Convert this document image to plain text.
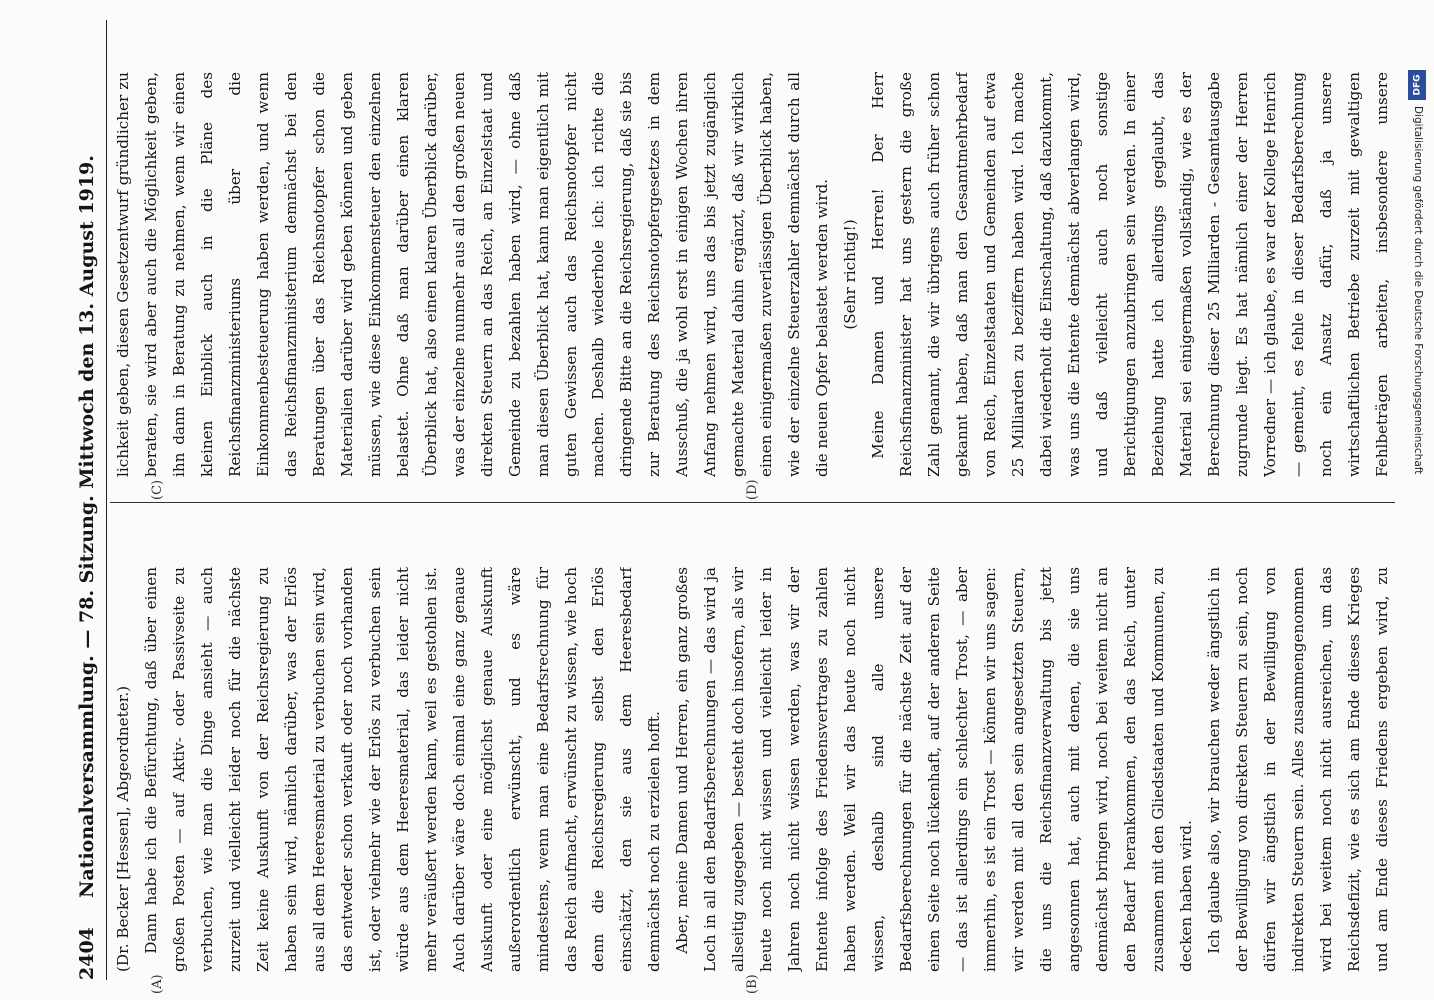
2404
Nationalversammlung. — 78. Sitzung. Mittwoch den 13. August 1919.
(A)	(B)
(C)	(D)

(Dr. Becker [Hessen], Abgeordneter.) Dann habe ich die Befürchtung, daß über einen großen Posten — auf Aktiv- oder Passivseite zu verbuchen, wie man die Dinge ansieht — auch zurzeit und vielleicht leider noch für die nächste Zeit keine Auskunft von der Reichsregierung zu haben sein wird, nämlich darüber, was der Erlös aus all dem Heeresmaterial zu verbuchen sein wird, das entweder schon verkauft oder noch vorhanden ist, oder vielmehr wie der Erlös zu verbuchen sein würde aus dem Heeresmaterial, das leider nicht mehr veräußert werden kann, weil es gestohlen ist. Auch darüber wäre doch einmal eine ganz genaue Auskunft oder eine möglichst genaue Auskunft außerordentlich erwünscht, und es wäre mindestens, wenn man eine Bedarfsrechnung für das Reich aufmacht, erwünscht zu wissen, wie hoch denn die Reichsregierung selbst den Erlös einschätzt, den sie aus dem Heeresbedarf demnächst noch zu erzielen hofft. Aber, meine Damen und Herren, ein ganz großes Loch in all den Bedarfsberechnungen — das wird ja allseitig zugegeben — besteht doch insofern, als wir heute noch nicht wissen und vielleicht leider in Jahren noch nicht wissen werden, was wir der Entente infolge des Friedensvertrages zu zahlen haben werden. Weil wir das heute noch nicht wissen, deshalb sind alle unsere Bedarfsberechnungen für die nächste Zeit auf der einen Seite noch lückenhaft, auf der anderen Seite — das ist allerdings ein schlechter Trost, — aber immerhin, es ist ein Trost — können wir uns sagen: wir werden mit all den sein angesetzten Steuern, die uns die Reichsfinanzverwaltung bis jetzt angesonnen hat, auch mit denen, die sie uns demnächst bringen wird, noch bei weitem nicht an den Bedarf herankommen, den das Reich, unter zusammen mit den Gliedstaaten und Kommunen, zu decken haben wird. Ich glaube also, wir brauchen weder ängstlich in der Bewilligung von direkten Steuern zu sein, noch dürfen wir ängstlich in der Bewilligung von indirekten Steuern sein. Alles zusammengenommen wird bei weitem noch nicht ausreichen, um das Reichsdefizit, wie es sich am Ende dieses Krieges und am Ende dieses Friedens ergeben wird, zu

lichkeit geben, diesen Gesetzentwurf gründlicher zu beraten, sie wird aber auch die Möglichkeit geben, ihn dann in Beratung zu nehmen, wenn wir einen kleinen Einblick auch in die Pläne des Reichsfinanzministeriums über die Einkommenbesteuerung haben werden, und wenn das Reichsfinanzministerium demnächst bei den Beratungen über das Reichsnotopfer schon die Materialien darüber wird geben können und geben müssen, wie diese Einkommensteuer den einzelnen belastet. Ohne daß man darüber einen klaren Überblick hat, also einen klaren Überblick darüber, was der einzelne nunmehr aus all den großen neuen direkten Steuern an das Reich, an Einzelstaat und Gemeinde zu bezahlen haben wird, — ohne daß man diesen Überblick hat, kann man eigentlich mit guten Gewissen auch das Reichsnotopfer nicht machen. Deshalb wiederhole ich: ich richte die dringende Bitte an die Reichsregierung, daß sie bis zur Beratung des Reichsnotopfergesetzes in dem Ausschuß, die ja wohl erst in einigen Wochen ihren Anfang nehmen wird, uns das bis jetzt zugänglich gemachte Material dahin ergänzt, daß wir wirklich einen einigermaßen zuverlässigen Überblick haben, wie der einzelne Steuerzahler demnächst durch all die neuen Opfer belastet werden wird. (Sehr richtig!)

Meine Damen und Herren! Der Herr Reichsfinanzminister hat uns gestern die große Zahl genannt, die wir übrigens auch früher schon gekannt haben, daß man den Gesamtmehrbedarf von Reich, Einzelstaaten und Gemeinden auf etwa 25 Milliarden zu beziffern haben wird. Ich mache dabei wiederholt die Einschaltung, daß dazukommt, was uns die Entente demnächst abverlangen wird, und daß vielleicht auch noch sonstige Berichtigungen anzubringen sein werden. In einer Beziehung hatte ich allerdings geglaubt, das Material sei einigermaßen vollständig, wie es der Berechnung dieser 25 Milliarden - Gesamtausgabe zugrunde liegt. Es hat nämlich einer der Herren Vorredner — ich glaube, es war der Kollege Henrich — gemeint, es fehle in dieser Bedarfsberechnung noch ein Ansatz dafür, daß ja unsere wirtschaftlichen Betriebe zurzeit mit gewaltigen Fehlbeträgen arbeiten, insbesondere unsere	DFG
Digitalisierung gefördert durch die Deutsche Forschungsgemeinschaft
